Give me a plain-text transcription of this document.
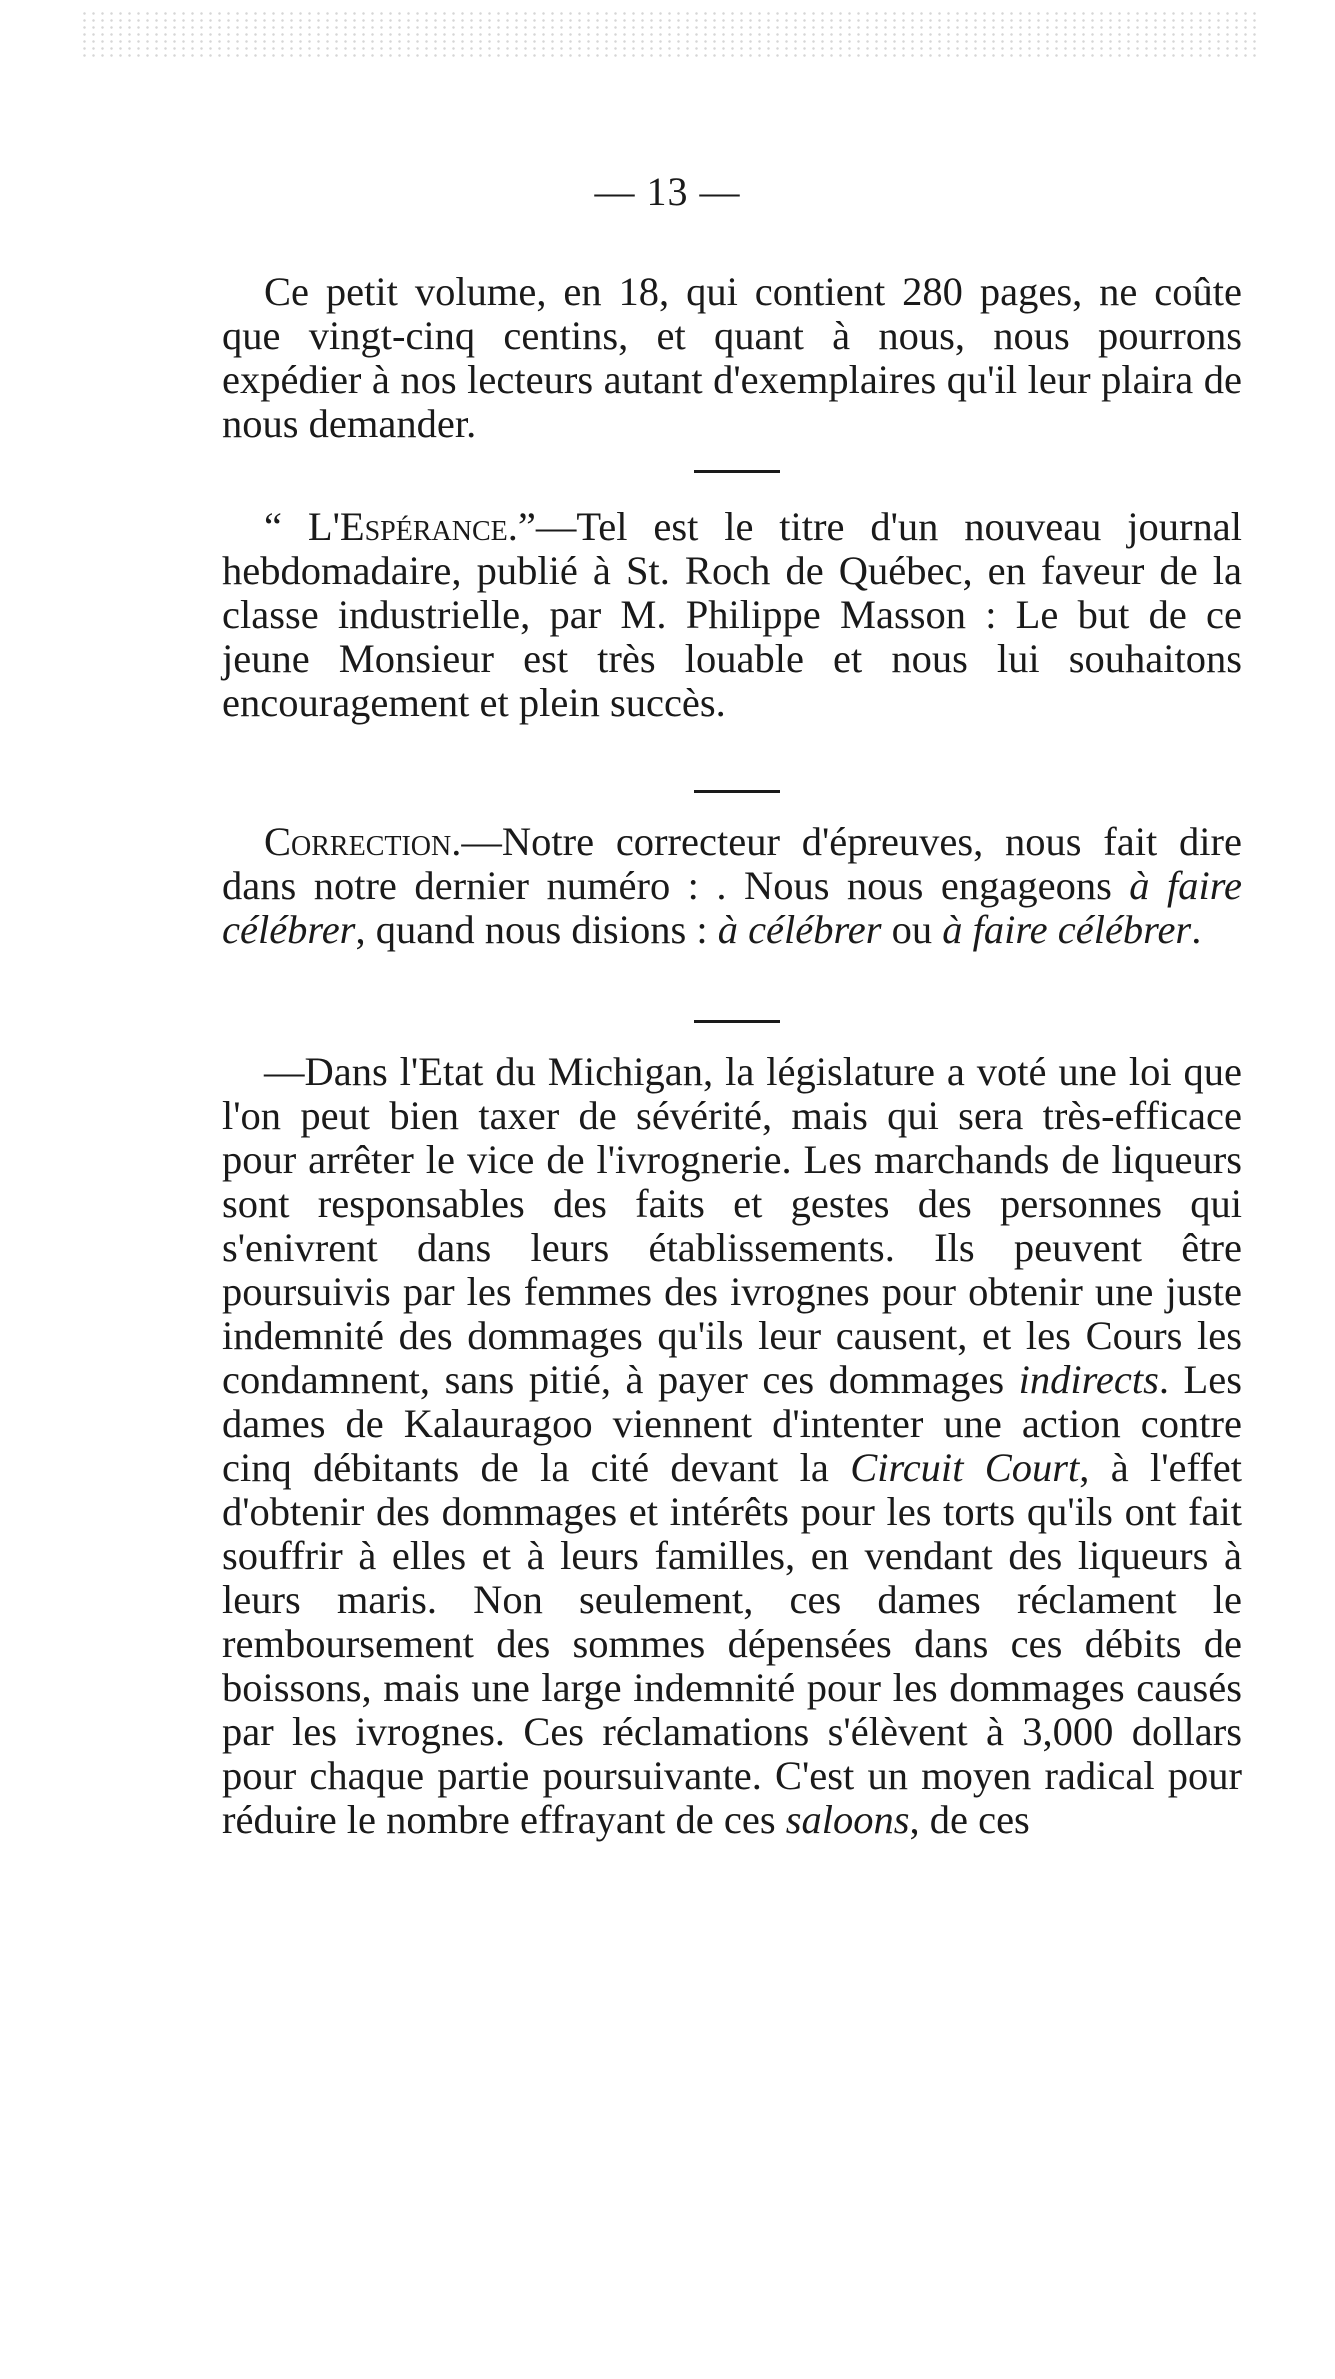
— 13 —

Ce petit volume, en 18, qui contient 280 pages, ne coûte que vingt-cinq centins, et quant à nous, nous pourrons expédier à nos lecteurs autant d'exemplaires qu'il leur plaira de nous demander.

“ L'Espérance.”—Tel est le titre d'un nouveau journal hebdomadaire, publié à St. Roch de Québec, en faveur de la classe industrielle, par M. Philippe Masson : Le but de ce jeune Monsieur est très louable et nous lui souhaitons encouragement et plein succès.

Correction.—Notre correcteur d'épreuves, nous fait dire dans notre dernier numéro : . Nous nous engageons à faire célébrer, quand nous disions : à célébrer ou à faire célébrer.

—Dans l'Etat du Michigan, la législature a voté une loi que l'on peut bien taxer de sévérité, mais qui sera très-efficace pour arrêter le vice de l'ivrognerie. Les marchands de liqueurs sont responsables des faits et gestes des personnes qui s'enivrent dans leurs établissements. Ils peuvent être poursuivis par les femmes des ivrognes pour obtenir une juste indemnité des dommages qu'ils leur causent, et les Cours les condamnent, sans pitié, à payer ces dommages indirects. Les dames de Kalauragoo viennent d'intenter une action contre cinq débitants de la cité devant la Circuit Court, à l'effet d'obtenir des dommages et intérêts pour les torts qu'ils ont fait souffrir à elles et à leurs familles, en vendant des liqueurs à leurs maris. Non seulement, ces dames réclament le remboursement des sommes dépensées dans ces débits de boissons, mais une large indemnité pour les dommages causés par les ivrognes. Ces réclamations s'élèvent à 3,000 dollars pour chaque partie poursuivante. C'est un moyen radical pour réduire le nombre effrayant de ces saloons, de ces
